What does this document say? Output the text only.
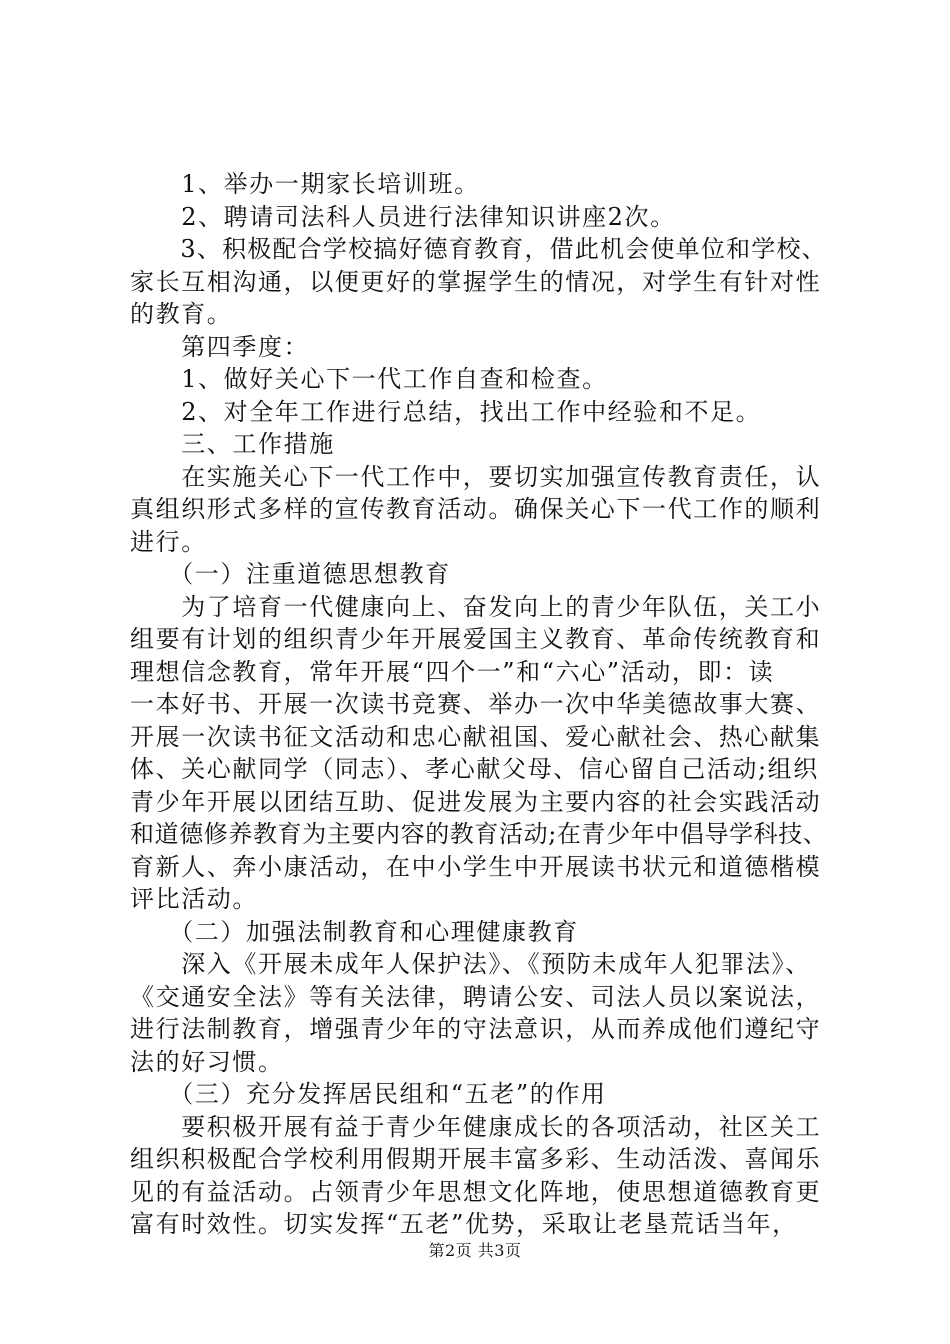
　　1、举办一期家长培训班。
　　2、聘请司法科人员进行法律知识讲座2次。
　　3、积极配合学校搞好德育教育，借此机会使单位和学校、
家长互相沟通，以便更好的掌握学生的情况，对学生有针对性
的教育。
　　第四季度：
　　1、做好关心下一代工作自查和检查。
　　2、对全年工作进行总结，找出工作中经验和不足。
　　三、工作措施
　　在实施关心下一代工作中，要切实加强宣传教育责任，认
真组织形式多样的宣传教育活动。确保关心下一代工作的顺利
进行。
　　（一）注重道德思想教育
　　为了培育一代健康向上、奋发向上的青少年队伍，关工小
组要有计划的组织青少年开展爱国主义教育、革命传统教育和
理想信念教育，常年开展“四个一”和“六心”活动，即：读
一本好书、开展一次读书竞赛、举办一次中华美德故事大赛、
开展一次读书征文活动和忠心献祖国、爱心献社会、热心献集
体、关心献同学（同志）、孝心献父母、信心留自己活动;组织
青少年开展以团结互助、促进发展为主要内容的社会实践活动
和道德修养教育为主要内容的教育活动;在青少年中倡导学科技、
育新人、奔小康活动，在中小学生中开展读书状元和道德楷模
评比活动。
　　（二）加强法制教育和心理健康教育
　　深入《开展未成年人保护法》、《预防未成年人犯罪法》、
《交通安全法》等有关法律，聘请公安、司法人员以案说法，
进行法制教育，增强青少年的守法意识，从而养成他们遵纪守
法的好习惯。
　　（三）充分发挥居民组和“五老”的作用
　　要积极开展有益于青少年健康成长的各项活动，社区关工
组织积极配合学校利用假期开展丰富多彩、生动活泼、喜闻乐
见的有益活动。占领青少年思想文化阵地，使思想道德教育更
富有时效性。切实发挥“五老”优势，采取让老垦荒话当年，
第2页 共3页
